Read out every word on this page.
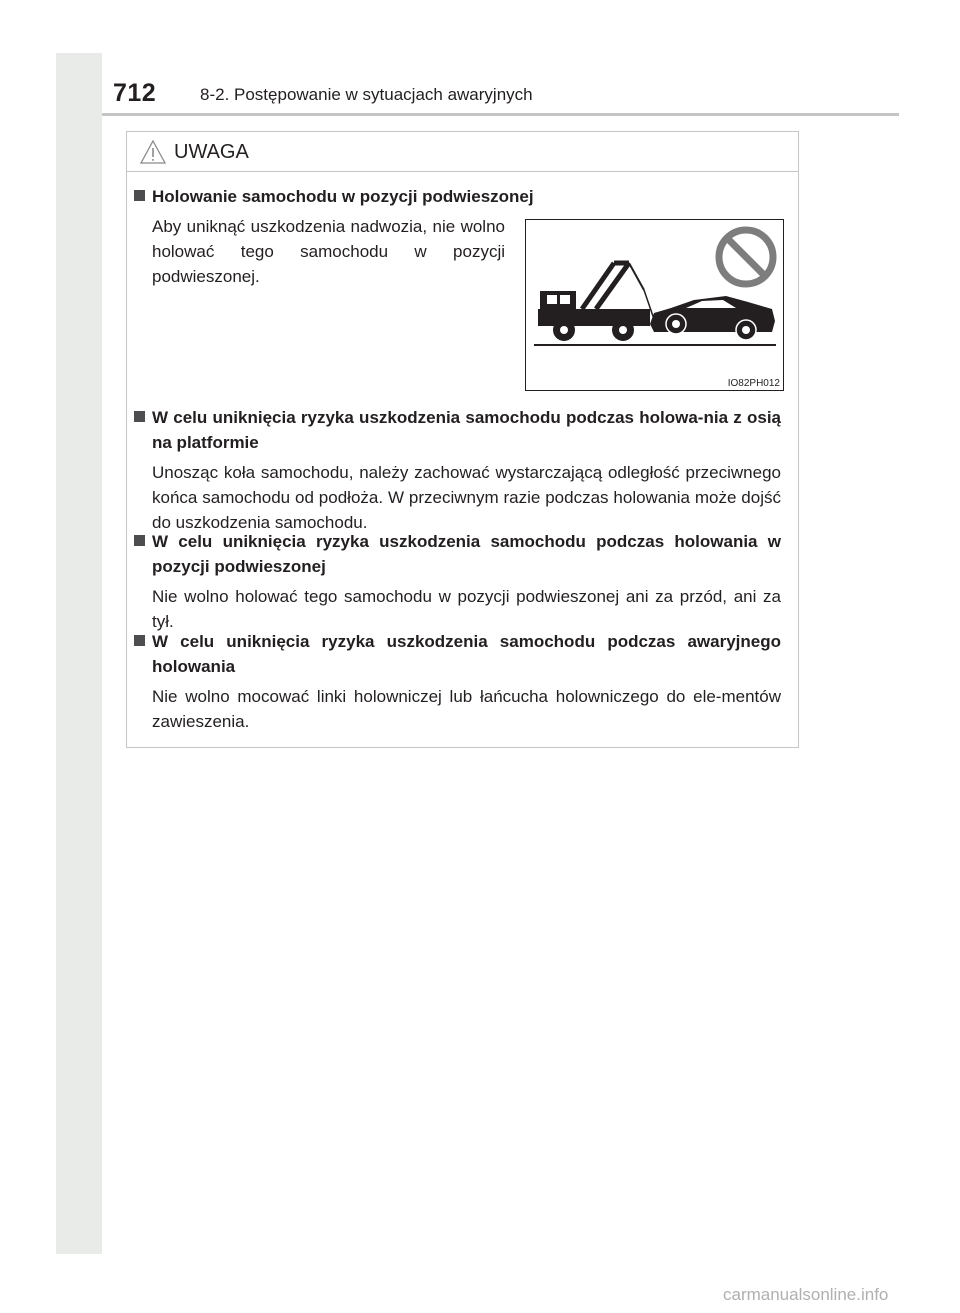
712	8-2. Postępowanie w sytuacjach awaryjnych
UWAGA
Holowanie samochodu w pozycji podwieszonej
Aby uniknąć uszkodzenia nadwozia, nie wolno holować tego samochodu w pozycji podwieszonej.
IO82PH012
W celu uniknięcia ryzyka uszkodzenia samochodu podczas holowa-nia z osią na platformie
Unosząc koła samochodu, należy zachować wystarczającą odległość przeciwnego końca samochodu od podłoża. W przeciwnym razie podczas holowania może dojść do uszkodzenia samochodu.
W celu uniknięcia ryzyka uszkodzenia samochodu podczas holowania w pozycji podwieszonej
Nie wolno holować tego samochodu w pozycji podwieszonej ani za przód, ani za tył.
W celu uniknięcia ryzyka uszkodzenia samochodu podczas awaryjnego holowania
Nie wolno mocować linki holowniczej lub łańcucha holowniczego do ele-mentów zawieszenia.
carmanualsonline.info
